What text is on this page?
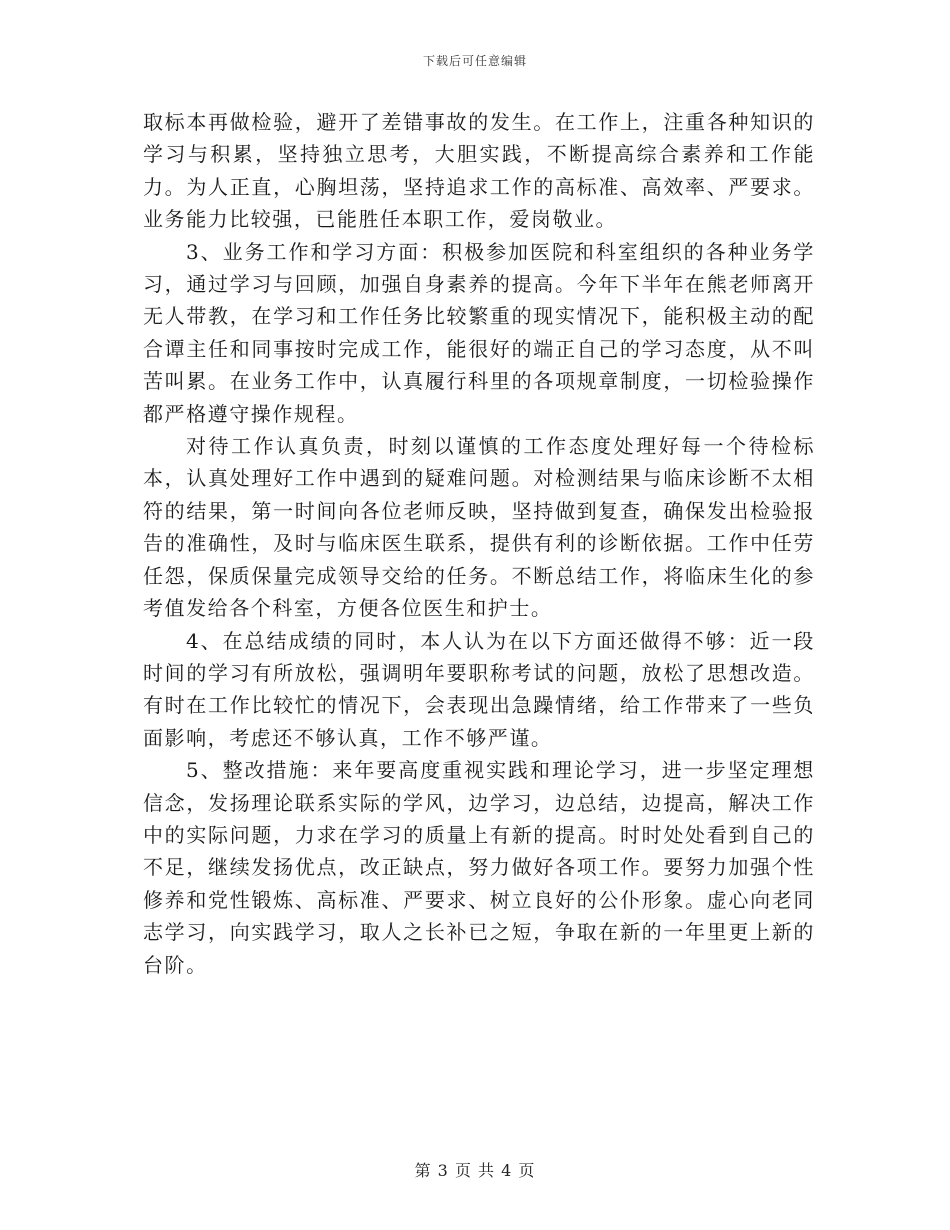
下载后可任意编辑

取标本再做检验，避开了差错事故的发生。在工作上，注重各种知识的学习与积累，坚持独立思考，大胆实践，不断提高综合素养和工作能力。为人正直，心胸坦荡，坚持追求工作的高标准、高效率、严要求。业务能力比较强，已能胜任本职工作，爱岗敬业。

3、业务工作和学习方面：积极参加医院和科室组织的各种业务学习，通过学习与回顾，加强自身素养的提高。今年下半年在熊老师离开无人带教，在学习和工作任务比较繁重的现实情况下，能积极主动的配合谭主任和同事按时完成工作，能很好的端正自己的学习态度，从不叫苦叫累。在业务工作中，认真履行科里的各项规章制度，一切检验操作都严格遵守操作规程。

对待工作认真负责，时刻以谨慎的工作态度处理好每一个待检标本，认真处理好工作中遇到的疑难问题。对检测结果与临床诊断不太相符的结果，第一时间向各位老师反映，坚持做到复查，确保发出检验报告的准确性，及时与临床医生联系，提供有利的诊断依据。工作中任劳任怨，保质保量完成领导交给的任务。不断总结工作，将临床生化的参考值发给各个科室，方便各位医生和护士。

4、在总结成绩的同时，本人认为在以下方面还做得不够：近一段时间的学习有所放松，强调明年要职称考试的问题，放松了思想改造。有时在工作比较忙的情况下，会表现出急躁情绪，给工作带来了一些负面影响，考虑还不够认真，工作不够严谨。

5、整改措施：来年要高度重视实践和理论学习，进一步坚定理想信念，发扬理论联系实际的学风，边学习，边总结，边提高，解决工作中的实际问题，力求在学习的质量上有新的提高。时时处处看到自己的不足，继续发扬优点，改正缺点，努力做好各项工作。要努力加强个性修养和党性锻炼、高标准、严要求、树立良好的公仆形象。虚心向老同志学习，向实践学习，取人之长补已之短，争取在新的一年里更上新的台阶。

第 3 页 共 4 页
